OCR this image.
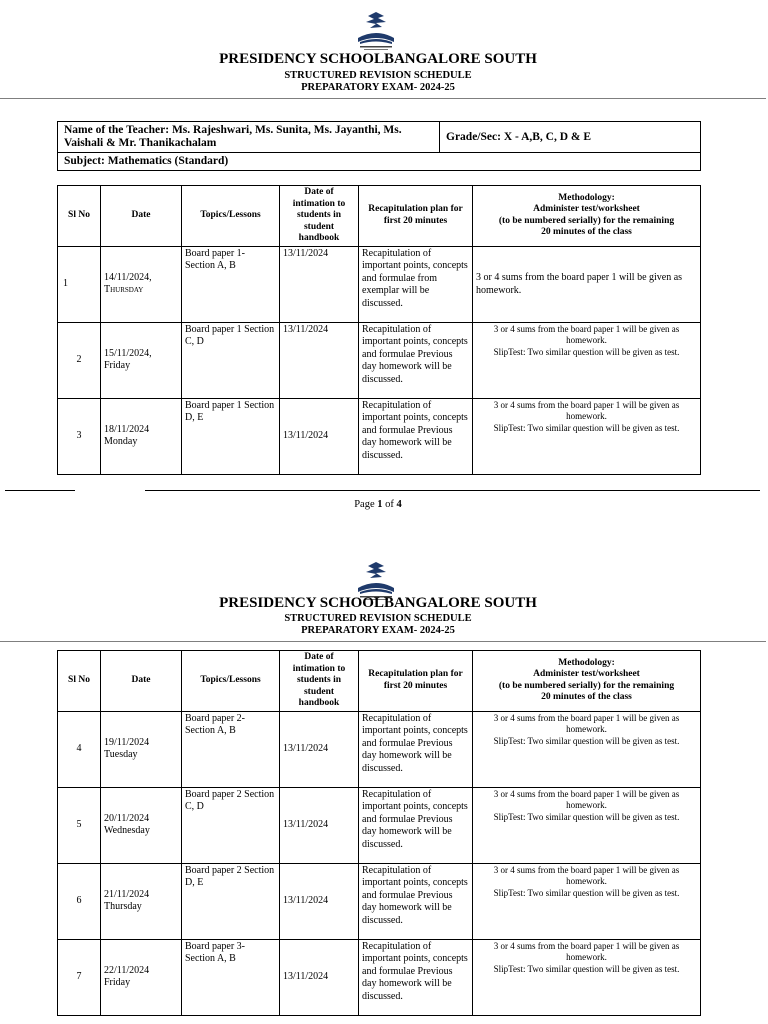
PRESIDENCY SCHOOLBANGALORE SOUTH
STRUCTURED REVISION SCHEDULE
PREPARATORY EXAM- 2024-25
Name of the Teacher: Ms. Rajeshwari, Ms. Sunita, Ms. Jayanthi, Ms. Vaishali & Mr. Thanikachalam	Grade/Sec: X - A,B, C, D & E
Subject: Mathematics (Standard)
Sl No	Date	Topics/Lessons	Date of intimation to students in student handbook	Recapitulation plan for first 20 minutes	Methodology:
Administer test/worksheet
(to be numbered serially) for the remaining
20 minutes of the class
1	14/11/2024,
Thursday	Board paper 1- Section A, B	13/11/2024	Recapitulation of important points, concepts and formulae from exemplar will be discussed.	3 or 4 sums from the board paper 1 will be given as homework.
2	15/11/2024,
Friday	Board paper 1 Section C, D	13/11/2024	Recapitulation of important points, concepts and formulae Previous day homework will be discussed.	3 or 4 sums from the board paper 1 will be given as homework.
SlipTest: Two similar question will be given as test.
3	18/11/2024
Monday	Board paper 1 Section D, E	13/11/2024	Recapitulation of important points, concepts and formulae Previous day homework will be discussed.	3 or 4 sums from the board paper 1 will be given as homework.
SlipTest: Two similar question will be given as test.
Page 1 of 4
PRESIDENCY SCHOOLBANGALORE SOUTH
STRUCTURED REVISION SCHEDULE
PREPARATORY EXAM- 2024-25
Sl No	Date	Topics/Lessons	Date of intimation to students in student handbook	Recapitulation plan for first 20 minutes	Methodology:
Administer test/worksheet
(to be numbered serially) for the remaining
20 minutes of the class
4	19/11/2024
Tuesday	Board paper 2- Section A, B	13/11/2024	Recapitulation of important points, concepts and formulae Previous day homework will be discussed.	3 or 4 sums from the board paper 1 will be given as homework.
SlipTest: Two similar question will be given as test.
5	20/11/2024
Wednesday	Board paper 2 Section C, D	13/11/2024	Recapitulation of important points, concepts and formulae Previous day homework will be discussed.	3 or 4 sums from the board paper 1 will be given as homework.
SlipTest: Two similar question will be given as test.
6	21/11/2024
Thursday	Board paper 2 Section D, E	13/11/2024	Recapitulation of important points, concepts and formulae Previous day homework will be discussed.	3 or 4 sums from the board paper 1 will be given as homework.
SlipTest: Two similar question will be given as test.
7	22/11/2024
Friday	Board paper 3- Section A, B	13/11/2024	Recapitulation of important points, concepts and formulae Previous day homework will be discussed.	3 or 4 sums from the board paper 1 will be given as homework.
SlipTest: Two similar question will be given as test.
